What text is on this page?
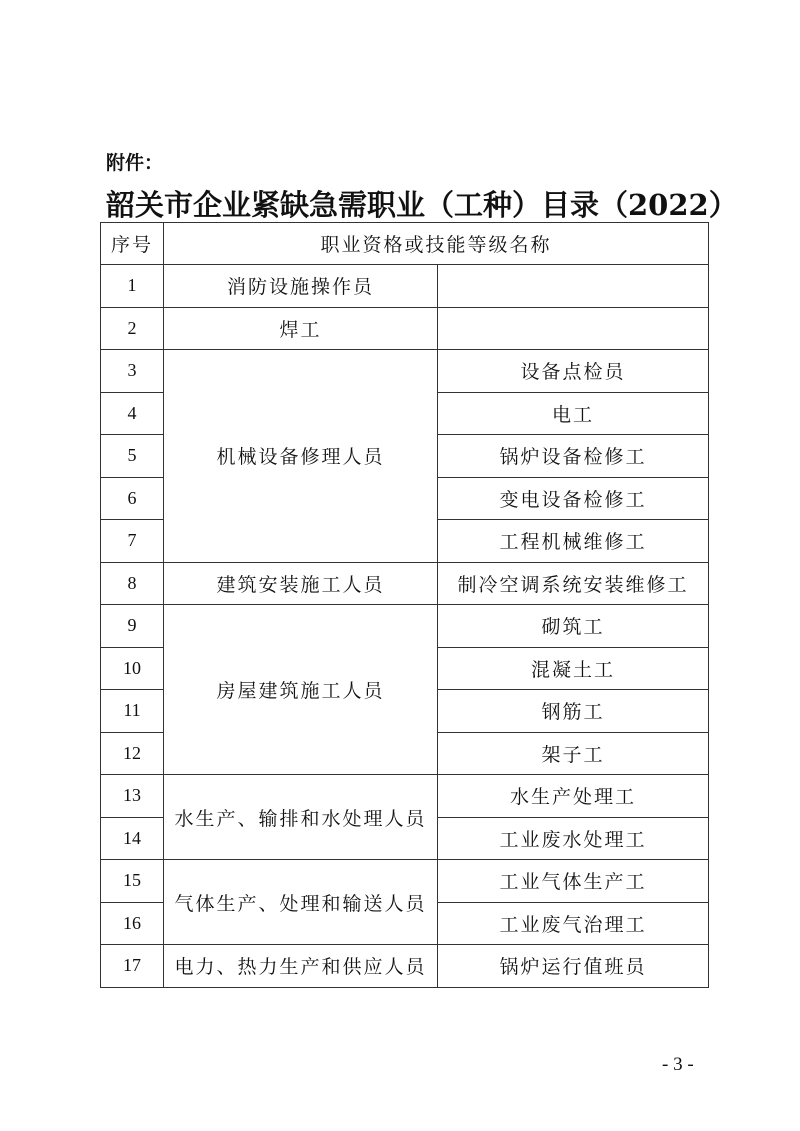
附件：
韶关市企业紧缺急需职业（工种）目录（2022）
序号	职业资格或技能等级名称	
1	消防设施操作员	
2	焊工	
3	机械设备修理人员	设备点检员
4		电工
5		锅炉设备检修工
6		变电设备检修工
7		工程机械维修工
8	建筑安装施工人员	制冷空调系统安装维修工
9	房屋建筑施工人员	砌筑工
10		混凝土工
11		钢筋工
12		架子工
13	水生产、输排和水处理人员	水生产处理工
14		工业废水处理工
15	气体生产、处理和输送人员	工业气体生产工
16		工业废气治理工
17	电力、热力生产和供应人员	锅炉运行值班员
- 3 -
